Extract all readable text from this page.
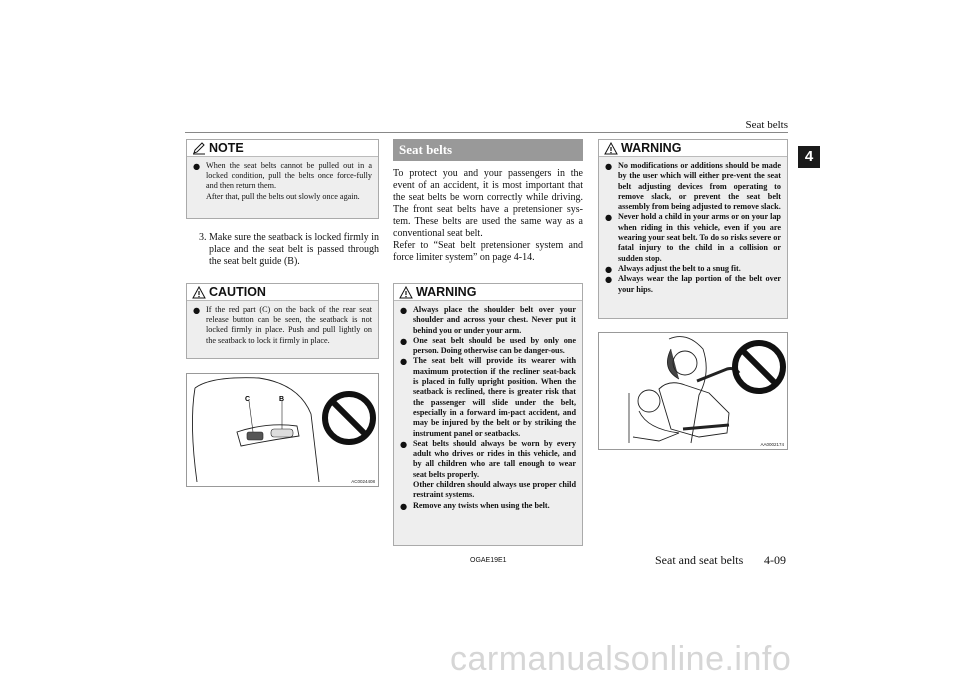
Seat belts
4
NOTE
● When the seat belts cannot be pulled out in a locked condition, pull the belts once force-fully and then return them.
After that, pull the belts out slowly once again.
3. Make sure the seatback is locked firmly in place and the seat belt is passed through the seat belt guide (B).
CAUTION
● If the red part (C) on the back of the rear seat release button can be seen, the seatback is not locked firmly in place. Push and pull lightly on the seatback to lock it firmly in place.
C	B
AC0024408
Seat belts

To protect you and your passengers in the event of an accident, it is most important that the seat belts be worn correctly while driving. The front seat belts have a pretensioner sys-tem. These belts are used the same way as a conventional seat belt.

Refer to “Seat belt pretensioner system and force limiter system” on page 4-14.

WARNING
● Always place the shoulder belt over your shoulder and across your chest. Never put it behind you or under your arm.
● One seat belt should be used by only one person. Doing otherwise can be danger-ous.
● The seat belt will provide its wearer with maximum protection if the recliner seat-back is placed in fully upright position. When the seatback is reclined, there is greater risk that the passenger will slide under the belt, especially in a forward im-pact accident, and may be injured by the belt or by striking the instrument panel or seatbacks.
● Seat belts should always be worn by every adult who drives or rides in this vehicle, and by all children who are tall enough to wear seat belts properly.
Other children should always use proper child restraint systems.
● Remove any twists when using the belt.
WARNING
● No modifications or additions should be made by the user which will either pre-vent the seat belt adjusting devices from operating to remove slack, or prevent the seat belt assembly from being adjusted to remove slack.
● Never hold a child in your arms or on your lap when riding in this vehicle, even if you are wearing your seat belt. To do so risks severe or fatal injury to the child in a collision or sudden stop.
● Always adjust the belt to a snug fit.
● Always wear the lap portion of the belt over your hips.
AA0002174
OGAE19E1	Seat and seat belts 4-09
carmanualsonline.info
